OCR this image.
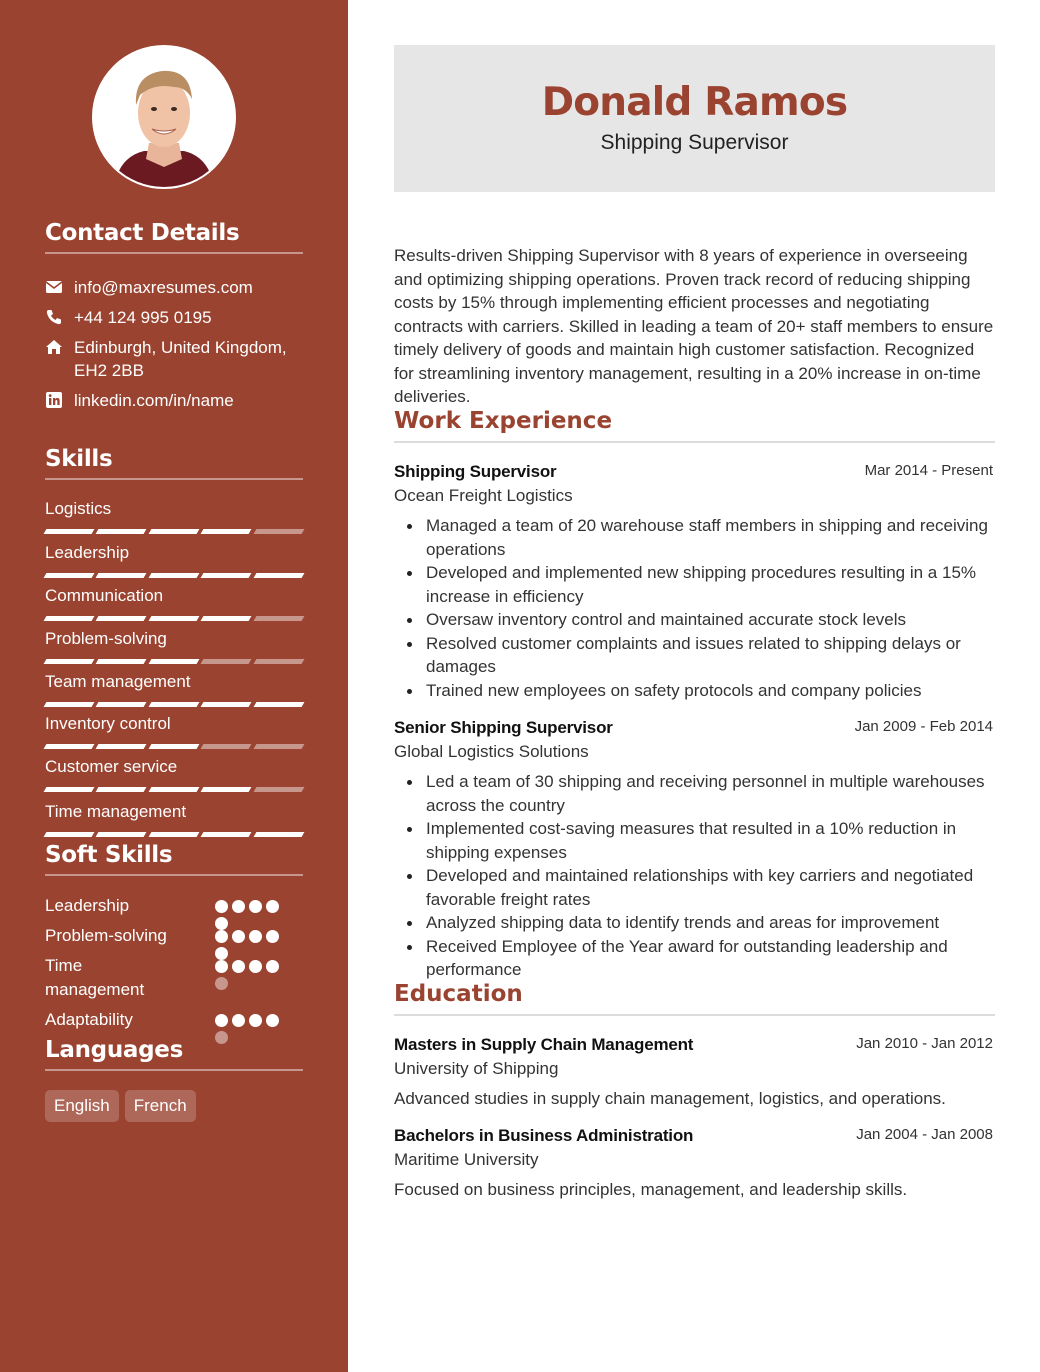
Contact Details
info@maxresumes.com
+44 124 995 0195
Edinburgh, United Kingdom, EH2 2BB
linkedin.com/in/name
Skills
Logistics
Leadership
Communication
Problem-solving
Team management
Inventory control
Customer service
Time management
Soft Skills
Leadership
Problem-solving
Time management
Adaptability
Languages
English	French
Donald Ramos
Shipping Supervisor

Results-driven Shipping Supervisor with 8 years of experience in overseeing and optimizing shipping operations. Proven track record of reducing shipping costs by 15% through implementing efficient processes and negotiating contracts with carriers. Skilled in leading a team of 20+ staff members to ensure timely delivery of goods and maintain high customer satisfaction. Recognized for streamlining inventory management, resulting in a 20% increase in on-time deliveries.

Work Experience
Shipping Supervisor	Mar 2014 - Present
Ocean Freight Logistics
Managed a team of 20 warehouse staff members in shipping and receiving operations
Developed and implemented new shipping procedures resulting in a 15% increase in efficiency
Oversaw inventory control and maintained accurate stock levels
Resolved customer complaints and issues related to shipping delays or damages
Trained new employees on safety protocols and company policies
Senior Shipping Supervisor	Jan 2009 - Feb 2014
Global Logistics Solutions
Led a team of 30 shipping and receiving personnel in multiple warehouses across the country
Implemented cost-saving measures that resulted in a 10% reduction in shipping expenses
Developed and maintained relationships with key carriers and negotiated favorable freight rates
Analyzed shipping data to identify trends and areas for improvement
Received Employee of the Year award for outstanding leadership and performance
Education
Masters in Supply Chain Management	Jan 2010 - Jan 2012
University of Shipping
Advanced studies in supply chain management, logistics, and operations.
Bachelors in Business Administration	Jan 2004 - Jan 2008
Maritime University
Focused on business principles, management, and leadership skills.
